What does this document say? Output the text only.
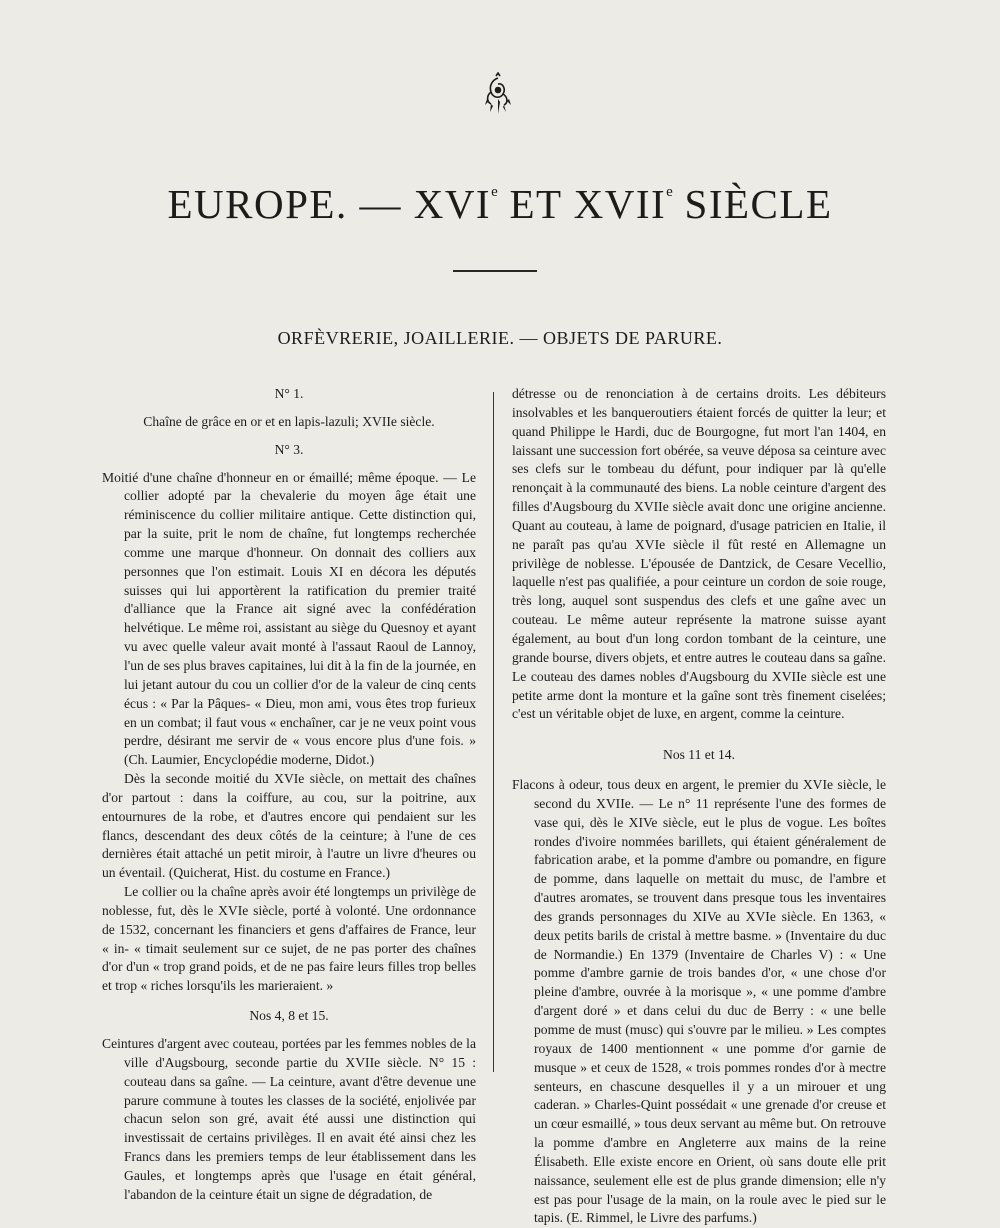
EUROPE. — XVIe ET XVIIe SIÈCLE
ORFÈVRERIE, JOAILLERIE. — OBJETS DE PARURE.

N° 1.

Chaîne de grâce en or et en lapis-lazuli; XVIIe siècle.

N° 3.

Moitié d'une chaîne d'honneur en or émaillé; même époque. — Le collier adopté par la chevalerie du moyen âge était une réminiscence du collier militaire antique. Cette distinction qui, par la suite, prit le nom de chaîne, fut longtemps recherchée comme une marque d'honneur. On donnait des colliers aux personnes que l'on estimait. Louis XI en décora les députés suisses qui lui apportèrent la ratification du premier traité d'alliance que la France ait signé avec la confédération helvétique. Le même roi, assistant au siège du Quesnoy et ayant vu avec quelle valeur avait monté à l'assaut Raoul de Lannoy, l'un de ses plus braves capitaines, lui dit à la fin de la journée, en lui jetant autour du cou un collier d'or de la valeur de cinq cents écus : « Par la Pâques- « Dieu, mon ami, vous êtes trop furieux en un combat; il faut vous « enchaîner, car je ne veux point vous perdre, désirant me servir de « vous encore plus d'une fois. » (Ch. Laumier, Encyclopédie moderne, Didot.)

Dès la seconde moitié du XVIe siècle, on mettait des chaînes d'or partout : dans la coiffure, au cou, sur la poitrine, aux entournures de la robe, et d'autres encore qui pendaient sur les flancs, descendant des deux côtés de la ceinture; à l'une de ces dernières était attaché un petit miroir, à l'autre un livre d'heures ou un éventail. (Quicherat, Hist. du costume en France.)

Le collier ou la chaîne après avoir été longtemps un privilège de noblesse, fut, dès le XVIe siècle, porté à volonté. Une ordonnance de 1532, concernant les financiers et gens d'affaires de France, leur « in- « timait seulement sur ce sujet, de ne pas porter des chaînes d'or d'un « trop grand poids, et de ne pas faire leurs filles trop belles et trop « riches lorsqu'ils les marieraient. »

Nos 4, 8 et 15.

Ceintures d'argent avec couteau, portées par les femmes nobles de la ville d'Augsbourg, seconde partie du XVIIe siècle. N° 15 : couteau dans sa gaîne. — La ceinture, avant d'être devenue une parure commune à toutes les classes de la société, enjolivée par chacun selon son gré, avait été aussi une distinction qui investissait de certains privilèges. Il en avait été ainsi chez les Francs dans les premiers temps de leur établissement dans les Gaules, et longtemps après que l'usage en était général, l'abandon de la ceinture était un signe de dégradation, de

détresse ou de renonciation à de certains droits. Les débiteurs insolvables et les banqueroutiers étaient forcés de quitter la leur; et quand Philippe le Hardi, duc de Bourgogne, fut mort l'an 1404, en laissant une succession fort obérée, sa veuve déposa sa ceinture avec ses clefs sur le tombeau du défunt, pour indiquer par là qu'elle renonçait à la communauté des biens. La noble ceinture d'argent des filles d'Augsbourg du XVIIe siècle avait donc une origine ancienne. Quant au couteau, à lame de poignard, d'usage patricien en Italie, il ne paraît pas qu'au XVIe siècle il fût resté en Allemagne un privilège de noblesse. L'épousée de Dantzick, de Cesare Vecellio, laquelle n'est pas qualifiée, a pour ceinture un cordon de soie rouge, très long, auquel sont suspendus des clefs et une gaîne avec un couteau. Le même auteur représente la matrone suisse ayant également, au bout d'un long cordon tombant de la ceinture, une grande bourse, divers objets, et entre autres le couteau dans sa gaîne. Le couteau des dames nobles d'Augsbourg du XVIIe siècle est une petite arme dont la monture et la gaîne sont très finement ciselées; c'est un véritable objet de luxe, en argent, comme la ceinture.

Nos 11 et 14.

Flacons à odeur, tous deux en argent, le premier du XVIe siècle, le second du XVIIe. — Le n° 11 représente l'une des formes de vase qui, dès le XIVe siècle, eut le plus de vogue. Les boîtes rondes d'ivoire nommées barillets, qui étaient généralement de fabrication arabe, et la pomme d'ambre ou pomandre, en figure de pomme, dans laquelle on mettait du musc, de l'ambre et d'autres aromates, se trouvent dans presque tous les inventaires des grands personnages du XIVe au XVIe siècle. En 1363, « deux petits barils de cristal à mettre basme. » (Inventaire du duc de Normandie.) En 1379 (Inventaire de Charles V) : « Une pomme d'ambre garnie de trois bandes d'or, « une chose d'or pleine d'ambre, ouvrée à la morisque », « une pomme d'ambre d'argent doré » et dans celui du duc de Berry : « une belle pomme de must (musc) qui s'ouvre par le milieu. » Les comptes royaux de 1400 mentionnent « une pomme d'or garnie de musque » et ceux de 1528, « trois pommes rondes d'or à mectre senteurs, en chascune desquelles il y a un mirouer et ung caderan. » Charles-Quint possédait « une grenade d'or creuse et un cœur esmaillé, » tous deux servant au même but. On retrouve la pomme d'ambre en Angleterre aux mains de la reine Élisabeth. Elle existe encore en Orient, où sans doute elle prit naissance, seulement elle est de plus grande dimension; elle n'y est pas pour l'usage de la main, on la roule avec le pied sur le tapis. (E. Rimmel, le Livre des parfums.)
